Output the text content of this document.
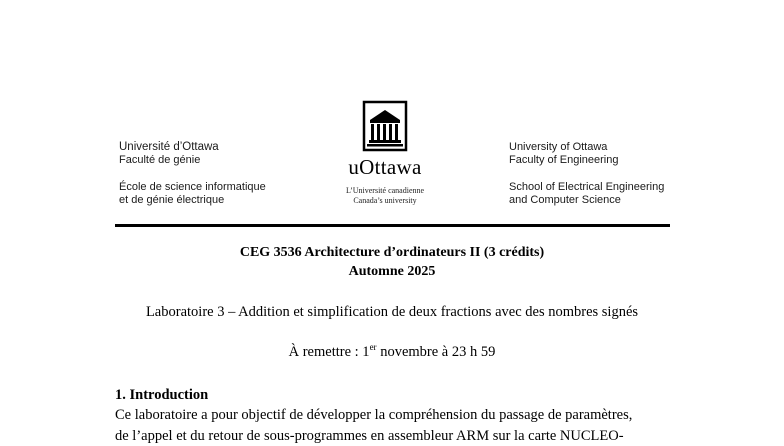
Université d’Ottawa
Faculté de génie
École de science informatique
et de génie électrique
uOttawa
L’Université canadienne
Canada’s university
University of Ottawa
Faculty of Engineering
School of Electrical Engineering
and Computer Science
CEG 3536 Architecture d’ordinateurs II (3 crédits)
Automne 2025
Laboratoire 3 – Addition et simplification de deux fractions avec des nombres signés
À remettre : 1er novembre à 23 h 59
1. Introduction
Ce laboratoire a pour objectif de développer la compréhension du passage de paramètres,
de l’appel et du retour de sous-programmes en assembleur ARM sur la carte NUCLEO-
